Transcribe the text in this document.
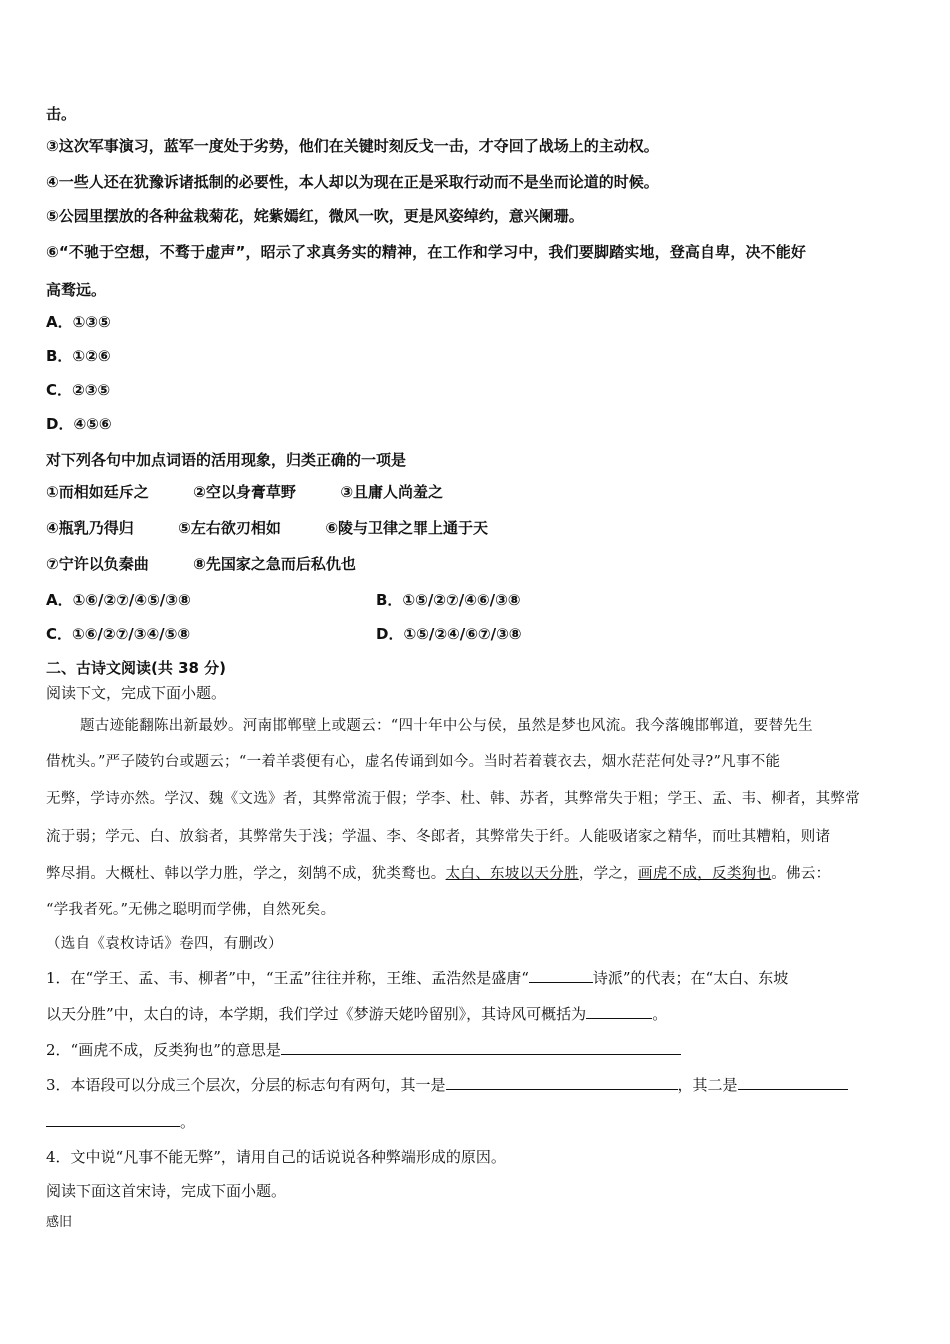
击。
③这次军事演习，蓝军一度处于劣势，他们在关键时刻反戈一击，才夺回了战场上的主动权。
④一些人还在犹豫诉诸抵制的必要性，本人却以为现在正是采取行动而不是坐而论道的时候。
⑤公园里摆放的各种盆栽菊花，姹紫嫣红，微风一吹，更是风姿绰约，意兴阑珊。
⑥“不驰于空想，不骛于虚声”，昭示了求真务实的精神，在工作和学习中，我们要脚踏实地，登高自卑，决不能好
高骛远。
A．①③⑤
B．①②⑥
C．②③⑤
D．④⑤⑥
对下列各句中加点词语的活用现象，归类正确的一项是
①而相如廷斥之	②空以身膏草野	③且庸人尚羞之
④瓶乳乃得归	⑤左右欲刃相如	⑥陵与卫律之罪上通于天
⑦宁许以负秦曲	⑧先国家之急而后私仇也
A．①⑥/②⑦/④⑤/③⑧	B．①⑤/②⑦/④⑥/③⑧
C．①⑥/②⑦/③④/⑤⑧	D．①⑤/②④/⑥⑦/③⑧
二、古诗文阅读(共 38 分)
阅读下文，完成下面小题。
题古迹能翻陈出新最妙。河南邯郸壁上或题云：“四十年中公与侯，虽然是梦也风流。我今落魄邯郸道，要替先生
借枕头。”严子陵钓台或题云；“一着羊裘便有心，虚名传诵到如今。当时若着蓑衣去，烟水茫茫何处寻?”凡事不能
无弊，学诗亦然。学汉、魏《文选》者，其弊常流于假；学李、杜、韩、苏者，其弊常失于粗；学王、孟、韦、柳者，其弊常
流于弱；学元、白、放翁者，其弊常失于浅；学温、李、冬郎者，其弊常失于纤。人能吸诸家之精华，而吐其糟粕，则诸
弊尽捐。大概杜、韩以学力胜，学之，刻鹄不成，犹类鹜也。太白、东坡以天分胜，学之，画虎不成，反类狗也。佛云：
“学我者死。”无佛之聪明而学佛，自然死矣。
（选自《袁枚诗话》卷四，有删改）
1．在“学王、孟、韦、柳者”中，“王孟”往往并称，王维、孟浩然是盛唐“	诗派”的代表；在“太白、东坡
以天分胜”中，太白的诗，本学期，我们学过《梦游天姥吟留别》，其诗风可概括为	。
2．“画虎不成，反类狗也”的意思是
3．本语段可以分成三个层次，分层的标志句有两句，其一是	，其二是
。
4．文中说“凡事不能无弊”，请用自己的话说说各种弊端形成的原因。
阅读下面这首宋诗，完成下面小题。
感旧
